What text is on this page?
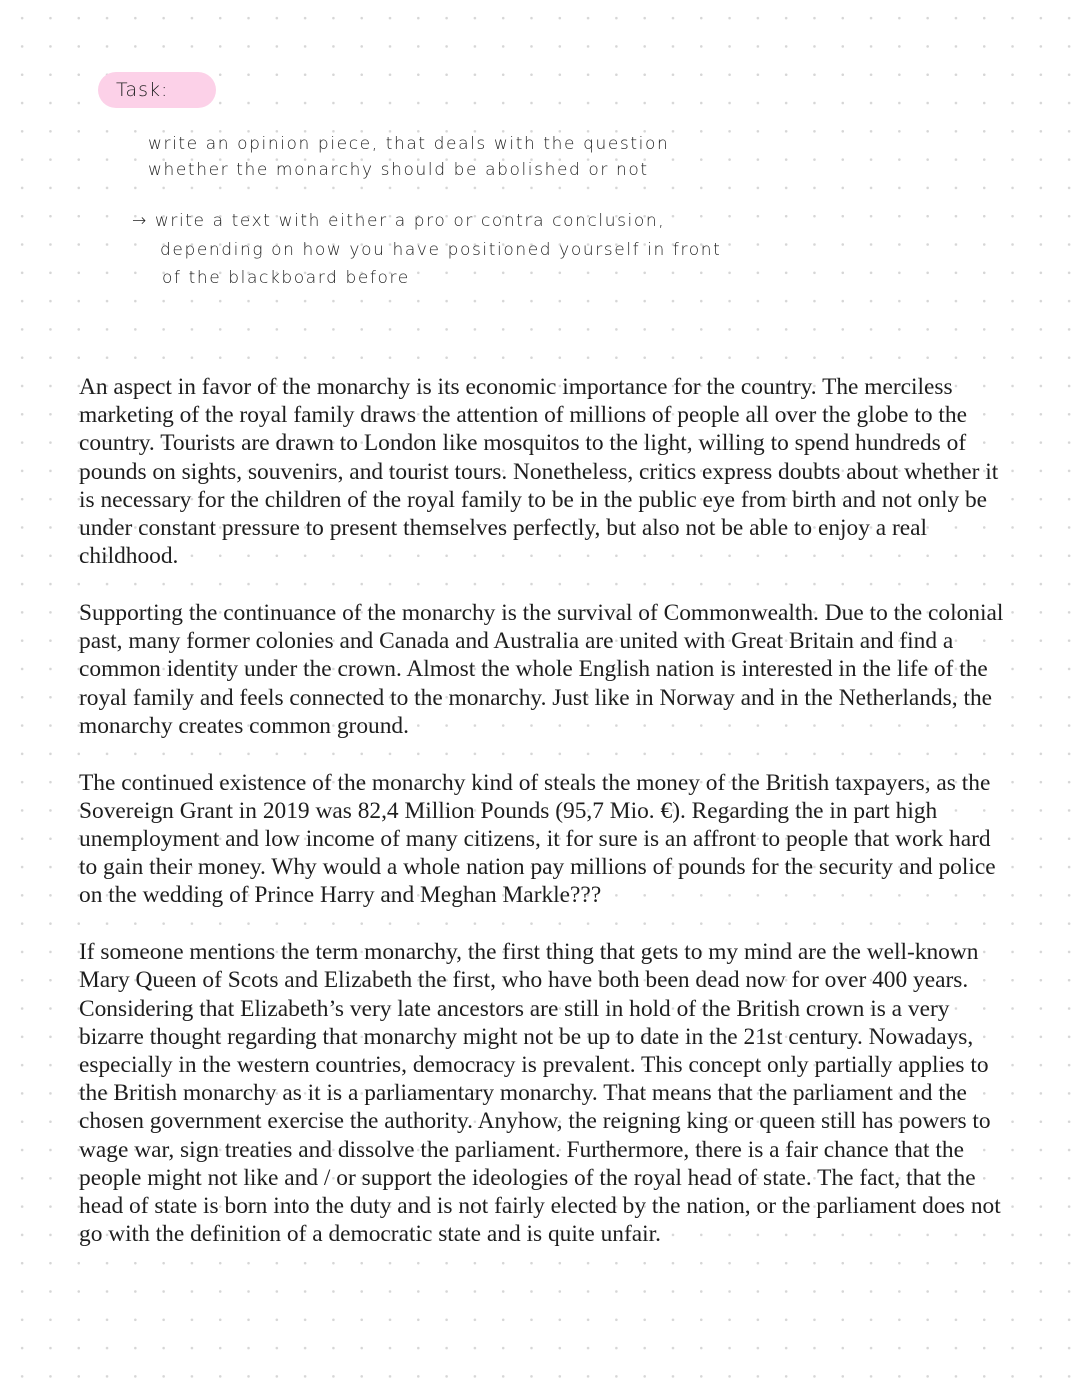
Task:
write an opinion piece, that deals with the question
whether the monarchy should be abolished or not
→ write a text with either a pro or contra conclusion,
depending on how you have positioned yourself in front
of the blackboard before

An aspect in favor of the monarchy is its economic importance for the country. The merciless marketing of the royal family draws the attention of millions of people all over the globe to the country. Tourists are drawn to London like mosquitos to the light, willing to spend hundreds of pounds on sights, souvenirs, and tourist tours. Nonetheless, critics express doubts about whether it is necessary for the children of the royal family to be in the public eye from birth and not only be under constant pressure to present themselves perfectly, but also not be able to enjoy a real childhood.

Supporting the continuance of the monarchy is the survival of Commonwealth. Due to the colonial past, many former colonies and Canada and Australia are united with Great Britain and find a common identity under the crown. Almost the whole English nation is interested in the life of the royal family and feels connected to the monarchy. Just like in Norway and in the Netherlands, the monarchy creates common ground.

The continued existence of the monarchy kind of steals the money of the British taxpayers, as the Sovereign Grant in 2019 was 82,4 Million Pounds (95,7 Mio. €). Regarding the in part high unemployment and low income of many citizens, it for sure is an affront to people that work hard to gain their money. Why would a whole nation pay millions of pounds for the security and police on the wedding of Prince Harry and Meghan Markle???

If someone mentions the term monarchy, the first thing that gets to my mind are the well-known Mary Queen of Scots and Elizabeth the first, who have both been dead now for over 400 years. Considering that Elizabeth’s very late ancestors are still in hold of the British crown is a very bizarre thought regarding that monarchy might not be up to date in the 21st century. Nowadays, especially in the western countries, democracy is prevalent. This concept only partially applies to the British monarchy as it is a parliamentary monarchy. That means that the parliament and the chosen government exercise the authority. Anyhow, the reigning king or queen still has powers to wage war, sign treaties and dissolve the parliament. Furthermore, there is a fair chance that the people might not like and / or support the ideologies of the royal head of state. The fact, that the head of state is born into the duty and is not fairly elected by the nation, or the parliament does not go with the definition of a democratic state and is quite unfair.
